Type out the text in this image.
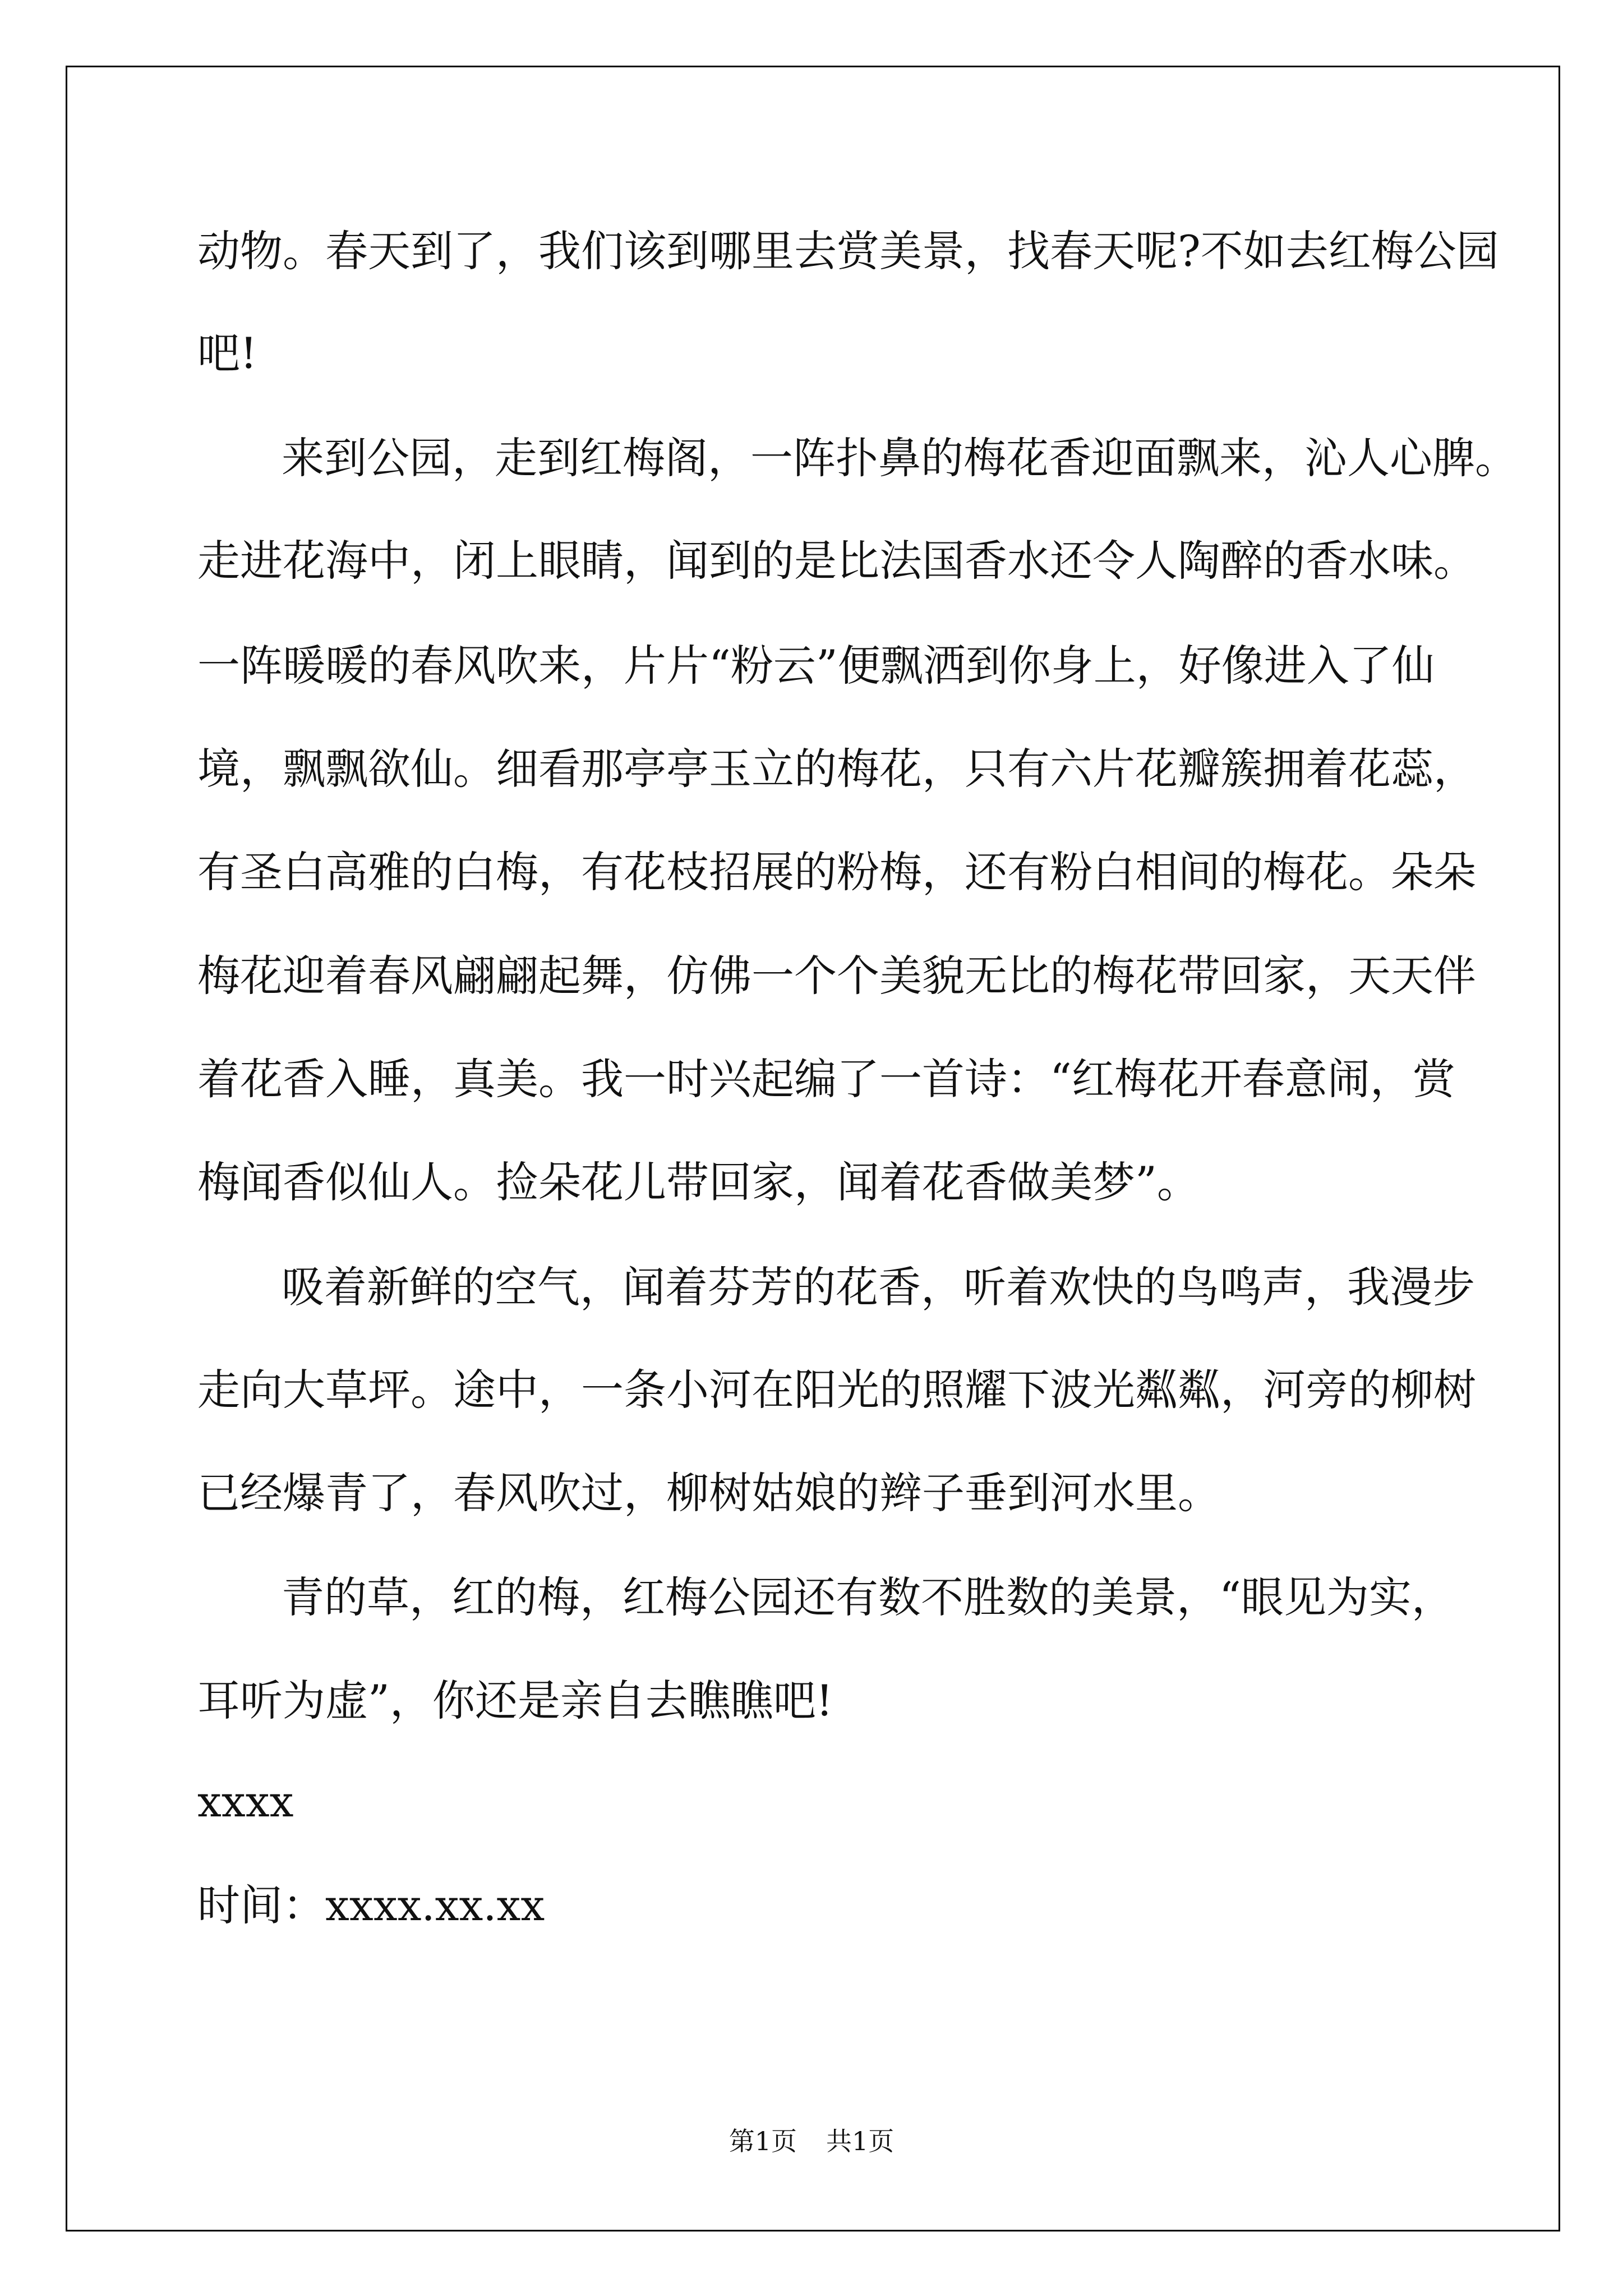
动物。春天到了，我们该到哪里去赏美景，找春天呢?不如去红梅公园

吧!

来到公园，走到红梅阁，一阵扑鼻的梅花香迎面飘来，沁人心脾。

走进花海中，闭上眼睛，闻到的是比法国香水还令人陶醉的香水味。

一阵暖暖的春风吹来，片片“粉云”便飘洒到你身上，好像进入了仙

境，飘飘欲仙。细看那亭亭玉立的梅花，只有六片花瓣簇拥着花蕊，

有圣白高雅的白梅，有花枝招展的粉梅，还有粉白相间的梅花。朵朵

梅花迎着春风翩翩起舞，仿佛一个个美貌无比的梅花带回家，天天伴

着花香入睡，真美。我一时兴起编了一首诗：“红梅花开春意闹，赏

梅闻香似仙人。捡朵花儿带回家，闻着花香做美梦”。

吸着新鲜的空气，闻着芬芳的花香，听着欢快的鸟鸣声，我漫步

走向大草坪。途中，一条小河在阳光的照耀下波光粼粼，河旁的柳树

已经爆青了，春风吹过，柳树姑娘的辫子垂到河水里。

青的草，红的梅，红梅公园还有数不胜数的美景，“眼见为实，

耳听为虚”，你还是亲自去瞧瞧吧!

xxxx

时间：xxxx.xx.xx

第1页 共1页
